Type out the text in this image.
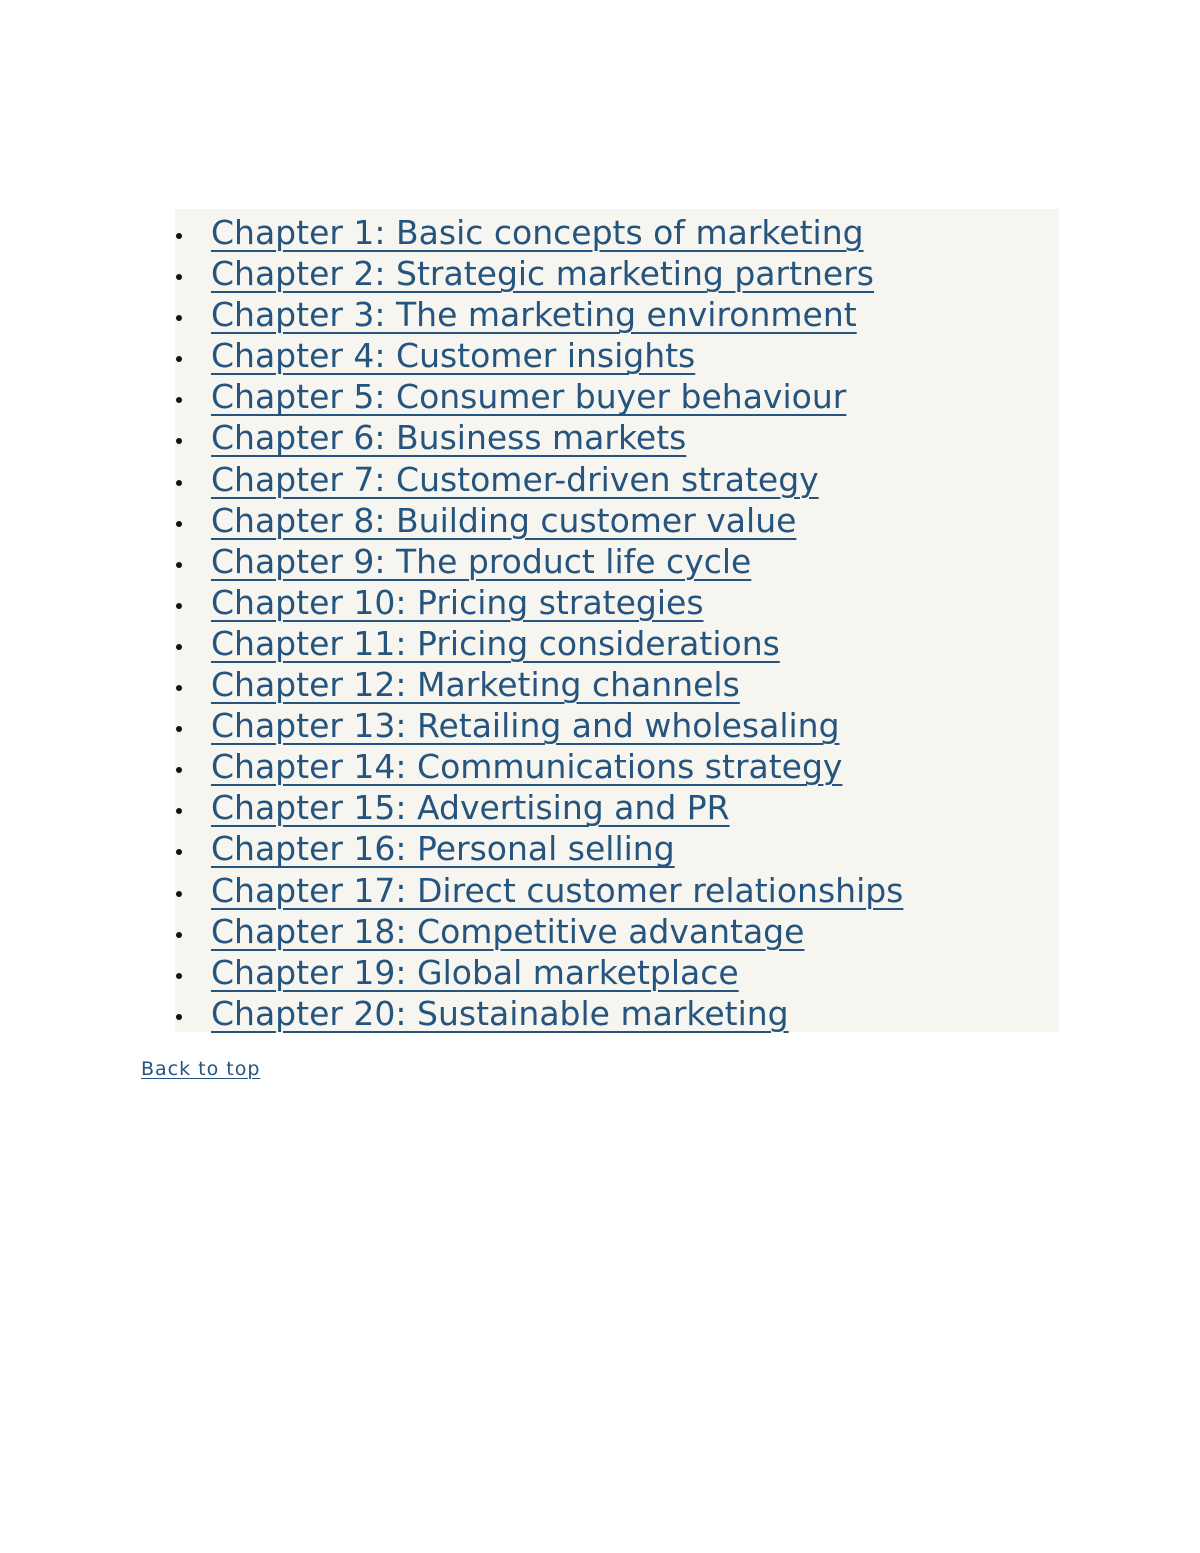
Chapter 1: Basic concepts of marketing
Chapter 2: Strategic marketing partners
Chapter 3: The marketing environment
Chapter 4: Customer insights
Chapter 5: Consumer buyer behaviour
Chapter 6: Business markets
Chapter 7: Customer-driven strategy
Chapter 8: Building customer value
Chapter 9: The product life cycle
Chapter 10: Pricing strategies
Chapter 11: Pricing considerations
Chapter 12: Marketing channels
Chapter 13: Retailing and wholesaling
Chapter 14: Communications strategy
Chapter 15: Advertising and PR
Chapter 16: Personal selling
Chapter 17: Direct customer relationships
Chapter 18: Competitive advantage
Chapter 19: Global marketplace
Chapter 20: Sustainable marketing
Back to top
